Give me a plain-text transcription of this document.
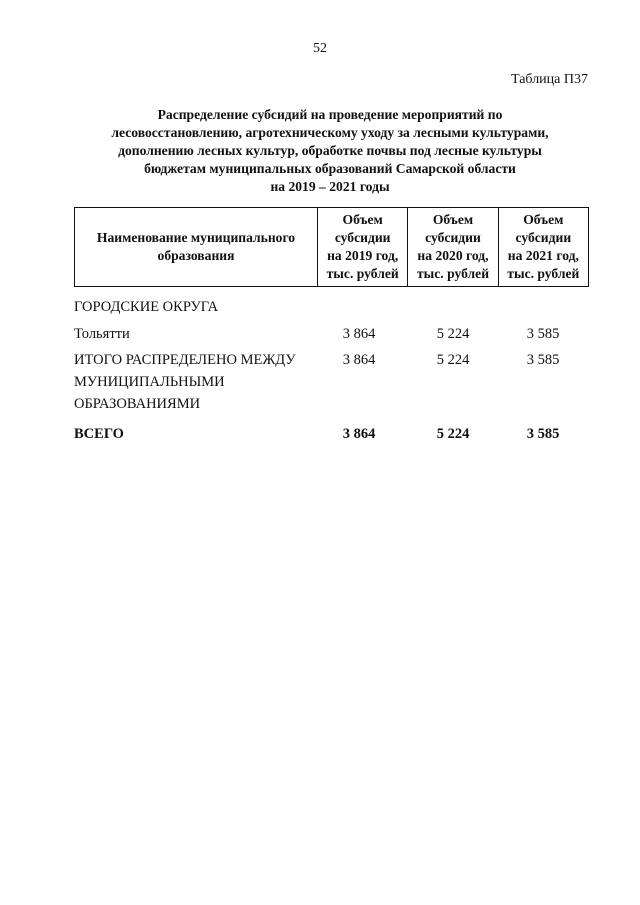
52
Таблица П37
Распределение субсидий на проведение мероприятий по
лесовосстановлению, агротехническому уходу за лесными культурами,
дополнению лесных культур, обработке почвы под лесные культуры
бюджетам муниципальных образований Самарской области
на 2019 – 2021 годы
Наименование муниципального
образования

Объем
субсидии
на 2019 год,
тыс. рублей

Объем
субсидии
на 2020 год,
тыс. рублей

Объем
субсидии
на 2021 год,
тыс. рублей
ГОРОДСКИЕ ОКРУГА
Тольятти	3 864	5 224	3 585
ИТОГО РАСПРЕДЕЛЕНО МЕЖДУ
МУНИЦИПАЛЬНЫМИ
ОБРАЗОВАНИЯМИ
3 864	5 224	3 585
ВСЕГО	3 864	5 224	3 585
